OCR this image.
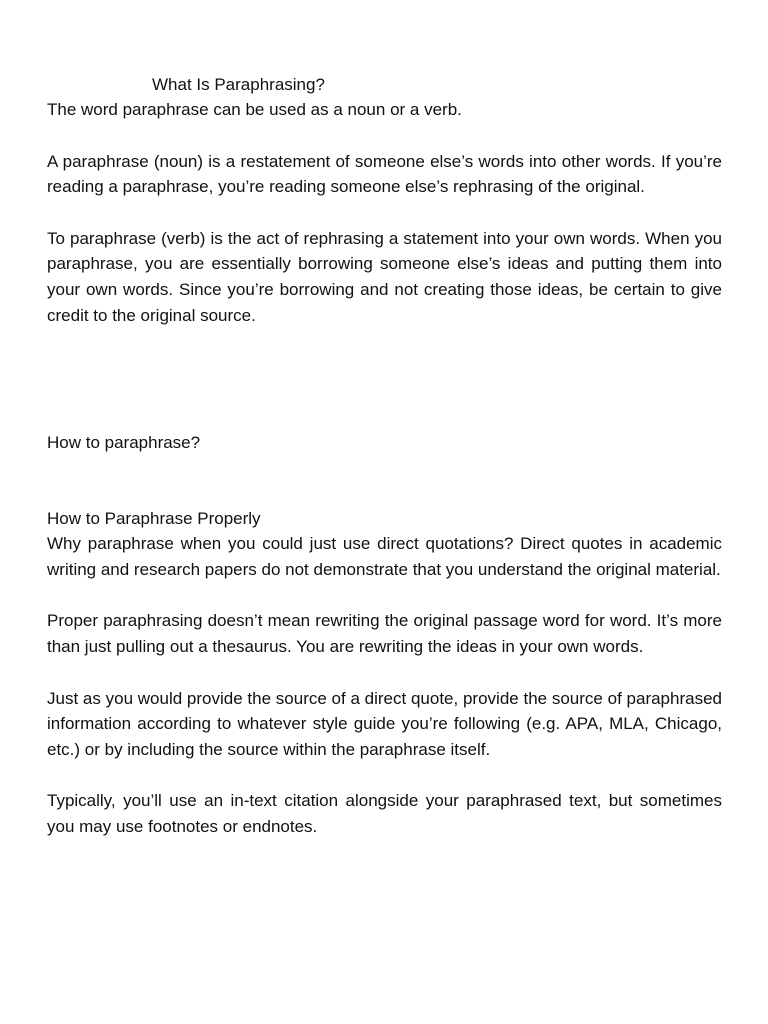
What Is Paraphrasing?

The word paraphrase can be used as a noun or a verb.

A paraphrase (noun) is a restatement of someone else’s words into other words. If you’re reading a paraphrase, you’re reading someone else’s rephrasing of the original.

To paraphrase (verb) is the act of rephrasing a statement into your own words. When you paraphrase, you are essentially borrowing someone else’s ideas and putting them into your own words. Since you’re borrowing and not creating those ideas, be certain to give credit to the original source.

How to paraphrase?
How to Paraphrase Properly

Why paraphrase when you could just use direct quotations? Direct quotes in academic writing and research papers do not demonstrate that you understand the original material.

Proper paraphrasing doesn’t mean rewriting the original passage word for word. It’s more than just pulling out a thesaurus. You are rewriting the ideas in your own words.

Just as you would provide the source of a direct quote, provide the source of paraphrased information according to whatever style guide you’re following (e.g. APA, MLA, Chicago, etc.) or by including the source within the paraphrase itself.

Typically, you’ll use an in-text citation alongside your paraphrased text, but sometimes you may use footnotes or endnotes.
